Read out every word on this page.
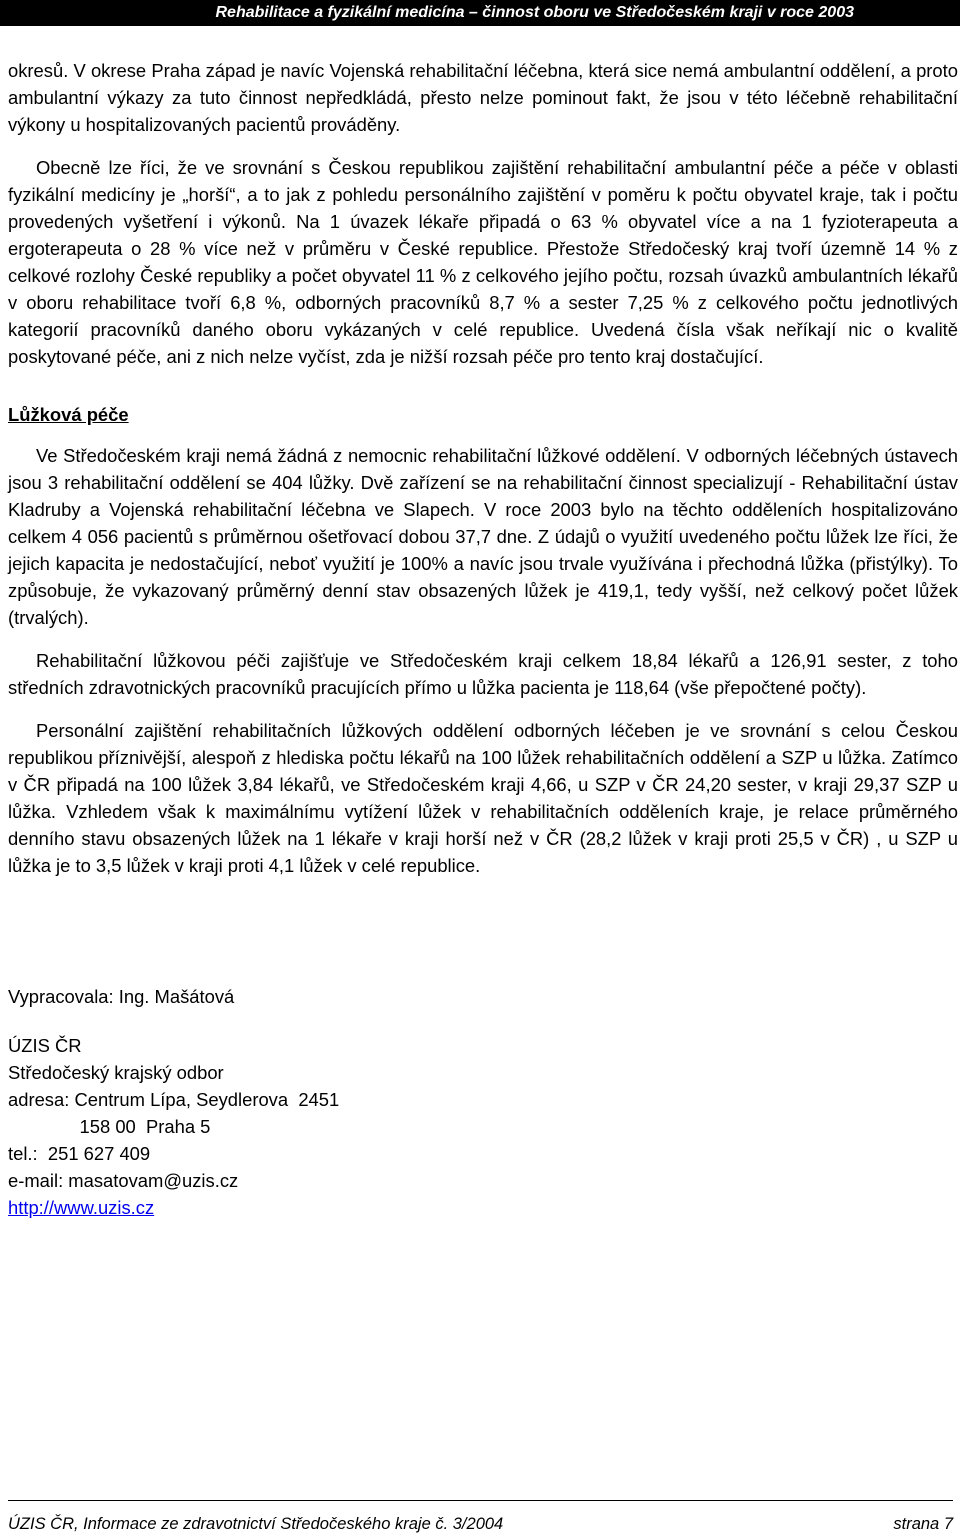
Rehabilitace a fyzikální medicína – činnost oboru ve Středočeském kraji v roce 2003

okresů. V okrese Praha západ je navíc Vojenská rehabilitační léčebna, která sice nemá ambulantní oddělení, a proto ambulantní výkazy za tuto činnost nepředkládá, přesto nelze pominout fakt, že jsou v této léčebně rehabilitační výkony u hospitalizovaných pacientů prováděny.

Obecně lze říci, že ve srovnání s Českou republikou zajištění rehabilitační ambulantní péče a péče v oblasti fyzikální medicíny je „horší“, a to jak z pohledu personálního zajištění v poměru k počtu obyvatel kraje, tak i počtu provedených vyšetření i výkonů. Na 1 úvazek lékaře připadá o 63 % obyvatel více a na 1 fyzioterapeuta a ergoterapeuta o 28 % více než v průměru v České republice. Přestože Středočeský kraj tvoří územně 14 % z celkové rozlohy České republiky a počet obyvatel 11 % z celkového jejího počtu, rozsah úvazků ambulantních lékařů v oboru rehabilitace tvoří 6,8 %, odborných pracovníků 8,7 % a sester 7,25 % z celkového počtu jednotlivých kategorií pracovníků daného oboru vykázaných v celé republice. Uvedená čísla však neříkají nic o kvalitě poskytované péče, ani z nich nelze vyčíst, zda je nižší rozsah péče pro tento kraj dostačující.

Lůžková péče

Ve Středočeském kraji nemá žádná z nemocnic rehabilitační lůžkové oddělení. V odborných léčebných ústavech jsou 3 rehabilitační oddělení se 404 lůžky. Dvě zařízení se na rehabilitační činnost specializují - Rehabilitační ústav Kladruby a Vojenská rehabilitační léčebna ve Slapech. V roce 2003 bylo na těchto odděleních hospitalizováno celkem 4 056 pacientů s průměrnou ošetřovací dobou 37,7 dne. Z údajů o využití uvedeného počtu lůžek lze říci, že jejich kapacita je nedostačující, neboť využití je 100% a navíc jsou trvale využívána i přechodná lůžka (přistýlky). To způsobuje, že vykazovaný průměrný denní stav obsazených lůžek je 419,1, tedy vyšší, než celkový počet lůžek (trvalých).

Rehabilitační lůžkovou péči zajišťuje ve Středočeském kraji celkem 18,84 lékařů a 126,91 sester, z toho středních zdravotnických pracovníků pracujících přímo u lůžka pacienta je 118,64 (vše přepočtené počty).

Personální zajištění rehabilitačních lůžkových oddělení odborných léčeben je ve srovnání s celou Českou republikou příznivější, alespoň z hlediska počtu lékařů na 100 lůžek rehabilitačních oddělení a SZP u lůžka. Zatímco v ČR připadá na 100 lůžek 3,84 lékařů, ve Středočeském kraji 4,66, u SZP v ČR 24,20 sester, v kraji 29,37 SZP u lůžka. Vzhledem však k maximálnímu vytížení lůžek v rehabilitačních odděleních kraje, je relace průměrného denního stavu obsazených lůžek na 1 lékaře v kraji horší než v ČR (28,2 lůžek v kraji proti 25,5 v ČR) , u SZP u lůžka je to 3,5 lůžek v kraji proti 4,1 lůžek v celé republice.

Vypracovala: Ing. Mašátová
ÚZIS ČR
Středočeský krajský odbor
adresa: Centrum Lípa, Seydlerova  2451
158 00  Praha 5
tel.:  251 627 409
e-mail: masatovam@uzis.cz
http://www.uzis.cz
ÚZIS ČR, Informace ze zdravotnictví Středočeského kraje č. 3/2004	strana 7
